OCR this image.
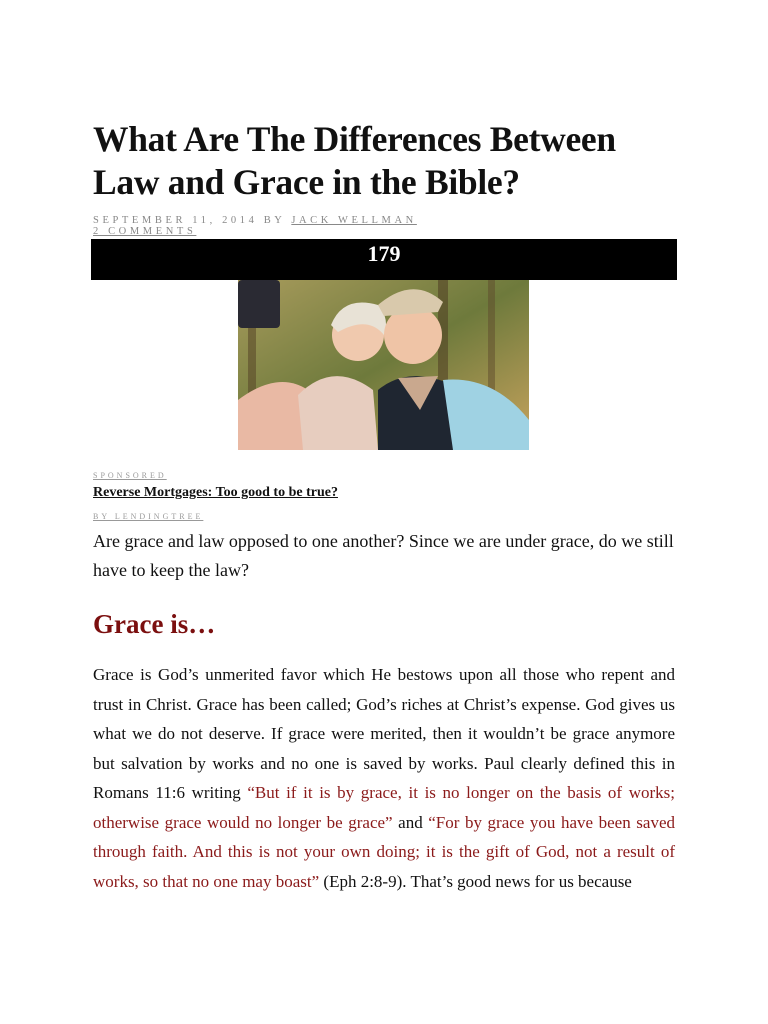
What Are The Differences Between Law and Grace in the Bible?
SEPTEMBER 11, 2014 BY JACK WELLMAN
2 COMMENTS
179
SPONSORED
Reverse Mortgages: Too good to be true?
BY LENDINGTREE

Are grace and law opposed to one another? Since we are under grace, do we still have to keep the law?

Grace is…

Grace is God’s unmerited favor which He bestows upon all those who repent and trust in Christ. Grace has been called; God’s riches at Christ’s expense. God gives us what we do not deserve. If grace were merited, then it wouldn’t be grace anymore but salvation by works and no one is saved by works. Paul clearly defined this in Romans 11:6 writing “But if it is by grace, it is no longer on the basis of works; otherwise grace would no longer be grace” and “For by grace you have been saved through faith. And this is not your own doing; it is the gift of God, not a result of works, so that no one may boast” (Eph 2:8-9). That’s good news for us because
